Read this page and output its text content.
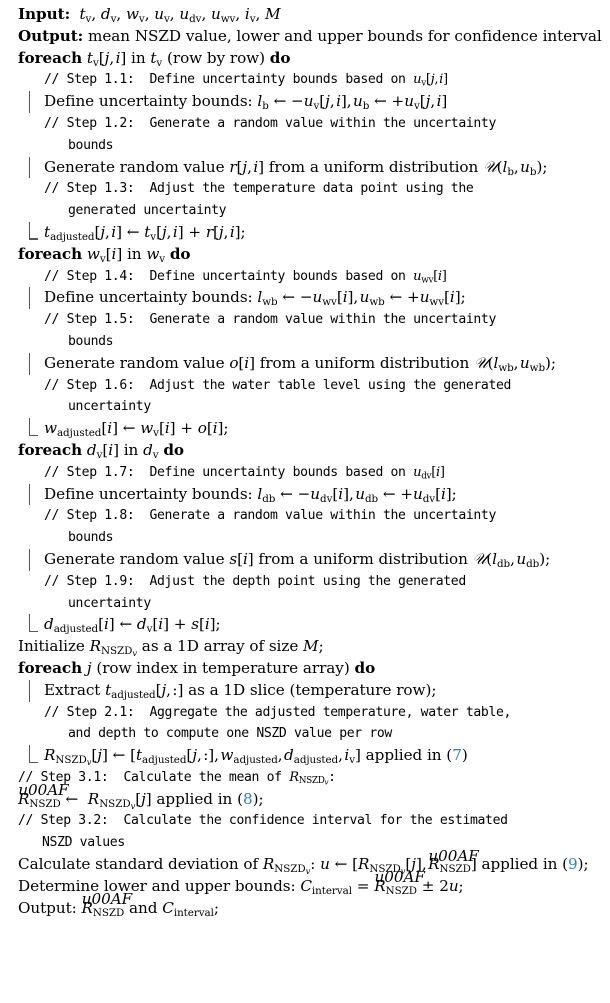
Input: $t_v$, $d_v$, $w_v$, $u_v$, $u_{dv}$, $u_{wv}$, $i_v$, M
Output: mean NSZD value, lower and upper bounds for confidence interval
foreach $t_v[j$, i] in $t_v$ (row by row) do
// Step 1.1:  Define uncertainty bounds based on $u_v[j$, i]
Define uncertainty bounds: $l_b$ ← $-u_v[j$, i], $u_b$ ← $+u_v[j$, i]
// Step 1.2:  Generate a random value within the uncertainty
bounds
Generate random value r[j, i] from a uniform distribution $𝒰(l_b$, $u_b$);
// Step 1.3:  Adjust the temperature data point using the
generated uncertainty
$t_{adjusted}[j$, i] ← $t_v[j$, i] + r[j, i];
foreach $w_v[i]$ in $w_v$ do
// Step 1.4:  Define uncertainty bounds based on $u_{wv}[i]$
Define uncertainty bounds: $l_{wb}$ ← $-u_{wv}[i]$, $u_{wb}$ ← $+u_{wv}[i]$;
// Step 1.5:  Generate a random value within the uncertainty
bounds
Generate random value o[i] from a uniform distribution $𝒰(l_{wb}$, $u_{wb}$);
// Step 1.6:  Adjust the water table level using the generated
uncertainty
$w_{adjusted}[i]$ ← $w_v[i] + o[i]$;
foreach $d_v[i]$ in $d_v$ do
// Step 1.7:  Define uncertainty bounds based on $u_{dv}[i]$
Define uncertainty bounds: $l_{db}$ ← $-u_{dv}[i]$, $u_{db}$ ← $+u_{dv}[i]$;
// Step 1.8:  Generate a random value within the uncertainty
bounds
Generate random value s[i] from a uniform distribution $𝒰(l_{db}$, $u_{db}$);
// Step 1.9:  Adjust the depth point using the generated
uncertainty
$d_{adjusted}[i]$ ← $d_v[i] + s[i]$;
Initialize $R_{NSZD_v}$ as a 1D array of size M;
foreach j (row index in temperature array) do
Extract $t_{adjusted}[j$, :] as a 1D slice (temperature row);
// Step 2.1:  Aggregate the adjusted temperature, water table,
and depth to compute one NSZD value per row
$R_{NSZD_v}[j]$ ← [$t_{adjusted}[j$, :], $w_{adjusted}$, $d_{adjusted}$, $i_v$] applied in (7)
// Step 3.1:  Calculate the mean of $R_{NSZD_v}$:
u00AF $R_{NSZD}$ ← $R_{NSZD_v}[j]$ applied in (8);
// Step 3.2:  Calculate the confidence interval for the estimated
NSZD values
Calculate standard deviation of $R_{NSZD_v}$: u ← [$R_{NSZD_v}[j]$, u00AF $R_{NSZD}$] applied in (9);
Determine lower and upper bounds: $C_{interval} = u00AF$ $R_{NSZD} \pm 2u$;
Output: u00AF $R_{NSZD}$ and $C_{interval}$;
